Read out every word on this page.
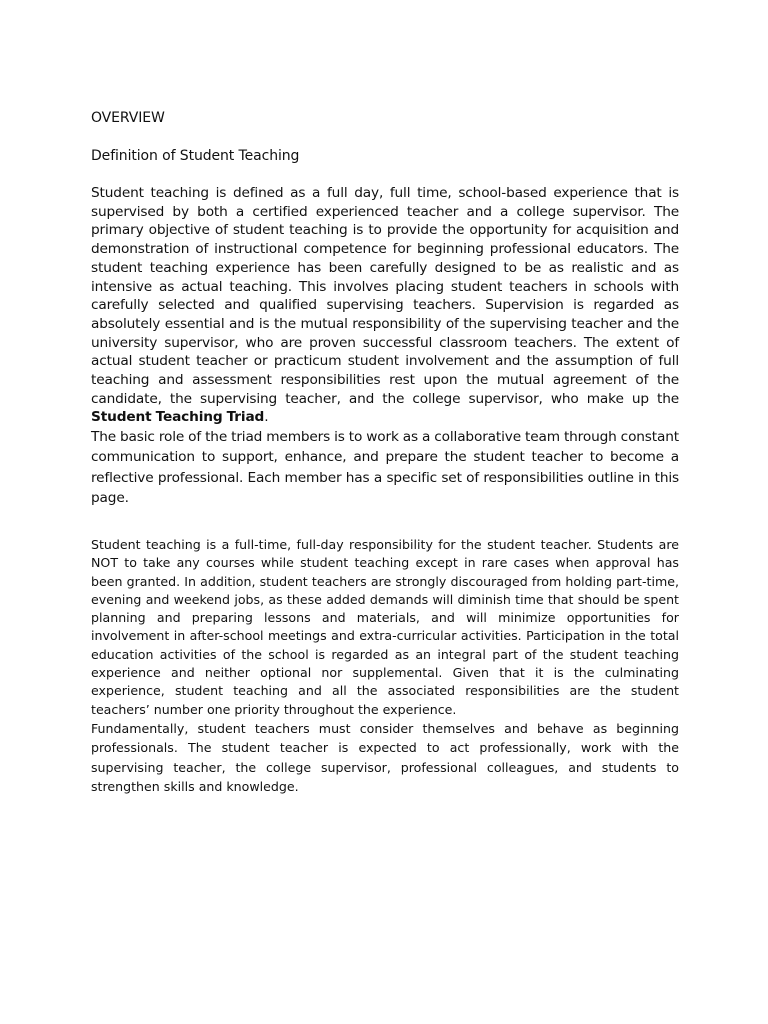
OVERVIEW
Definition of Student Teaching

Student teaching is defined as a full day, full time, school-based experience that is supervised by both a certified experienced teacher and a college supervisor. The primary objective of student teaching is to provide the opportunity for acquisition and demonstration of instructional competence for beginning professional educators. The student teaching experience has been carefully designed to be as realistic and as intensive as actual teaching. This involves placing student teachers in schools with carefully selected and qualified supervising teachers. Supervision is regarded as absolutely essential and is the mutual responsibility of the supervising teacher and the university supervisor, who are proven successful classroom teachers. The extent of actual student teacher or practicum student involvement and the assumption of full teaching and assessment responsibilities rest upon the mutual agreement of the candidate, the supervising teacher, and the college supervisor, who make up the Student Teaching Triad.

The basic role of the triad members is to work as a collaborative team through constant communication to support, enhance, and prepare the student teacher to become a reflective professional. Each member has a specific set of responsibilities outline in this page.

Student teaching is a full-time, full-day responsibility for the student teacher. Students are NOT to take any courses while student teaching except in rare cases when approval has been granted. In addition, student teachers are strongly discouraged from holding part-time, evening and weekend jobs, as these added demands will diminish time that should be spent planning and preparing lessons and materials, and will minimize opportunities for involvement in after-school meetings and extra-curricular activities. Participation in the total education activities of the school is regarded as an integral part of the student teaching experience and neither optional nor supplemental. Given that it is the culminating experience, student teaching and all the associated responsibilities are the student teachers’ number one priority throughout the experience.

Fundamentally, student teachers must consider themselves and behave as beginning professionals. The student teacher is expected to act professionally, work with the supervising teacher, the college supervisor, professional colleagues, and students to strengthen skills and knowledge.
